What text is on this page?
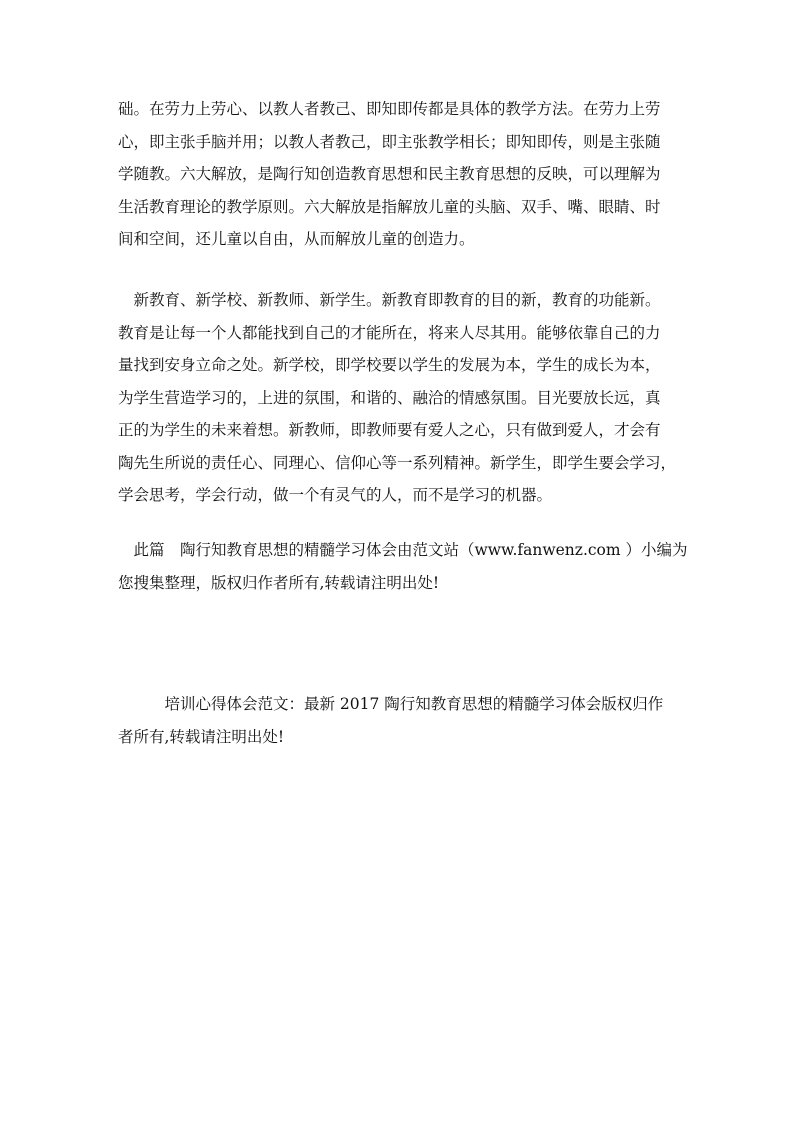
础。在劳力上劳心、以教人者教己、即知即传都是具体的教学方法。在劳力上劳
心，即主张手脑并用；以教人者教己，即主张教学相长；即知即传，则是主张随
学随教。六大解放，是陶行知创造教育思想和民主教育思想的反映，可以理解为
生活教育理论的教学原则。六大解放是指解放儿童的头脑、双手、嘴、眼睛、时
间和空间，还儿童以自由，从而解放儿童的创造力。
　新教育、新学校、新教师、新学生。新教育即教育的目的新，教育的功能新。
教育是让每一个人都能找到自己的才能所在，将来人尽其用。能够依靠自己的力
量找到安身立命之处。新学校，即学校要以学生的发展为本，学生的成长为本，
为学生营造学习的，上进的氛围，和谐的、融洽的情感氛围。目光要放长远，真
正的为学生的未来着想。新教师，即教师要有爱人之心，只有做到爱人，才会有
陶先生所说的责任心、同理心、信仰心等一系列精神。新学生，即学生要会学习，
学会思考，学会行动，做一个有灵气的人，而不是学习的机器。
　此篇　陶行知教育思想的精髓学习体会由范文站（www.fanwenz.com ）小编为
您搜集整理，版权归作者所有,转载请注明出处!
　　　培训心得体会范文：最新 2017 陶行知教育思想的精髓学习体会版权归作
者所有,转载请注明出处!
